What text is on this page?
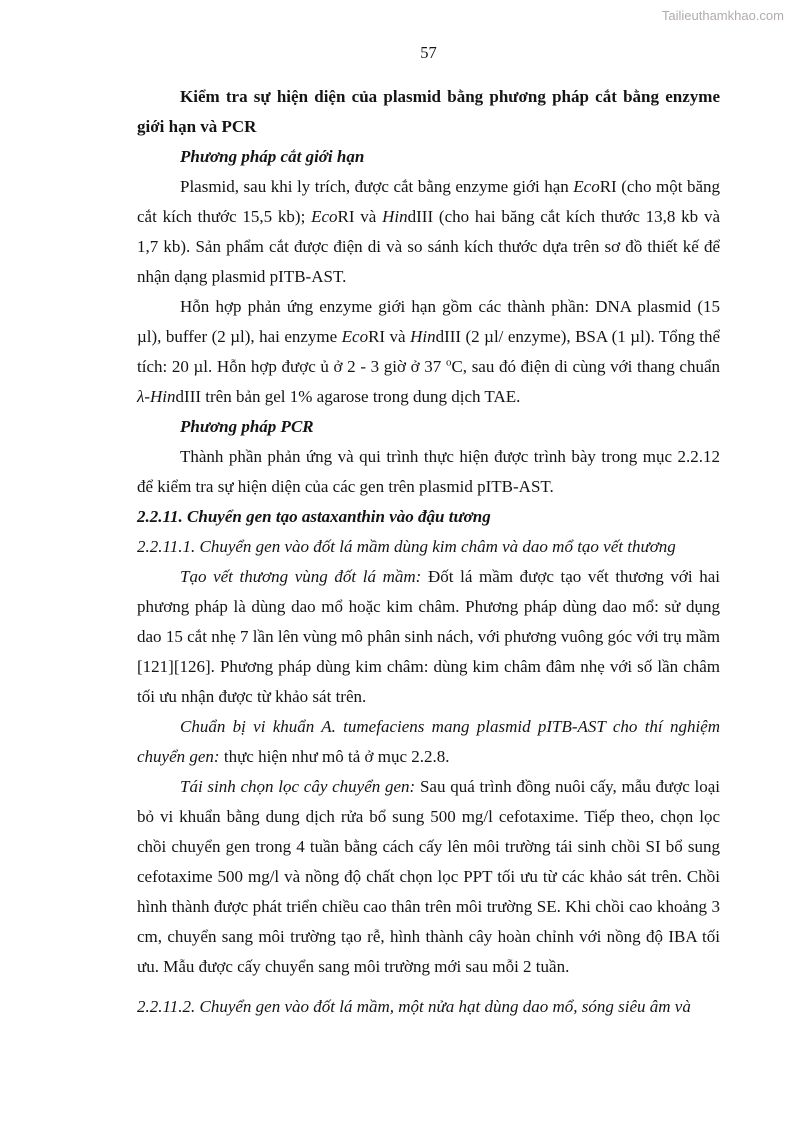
Tailieuthamkhao.com
57

Kiểm tra sự hiện diện của plasmid bằng phương pháp cắt bằng enzyme giới hạn và PCR

Phương pháp cắt giới hạn

Plasmid, sau khi ly trích, được cắt bằng enzyme giới hạn EcoRI (cho một băng cắt kích thước 15,5 kb); EcoRI và HindIII (cho hai băng cắt kích thước 13,8 kb và 1,7 kb). Sản phẩm cắt được điện di và so sánh kích thước dựa trên sơ đồ thiết kế để nhận dạng plasmid pITB-AST.

Hỗn hợp phản ứng enzyme giới hạn gồm các thành phần: DNA plasmid (15 µl), buffer (2 µl), hai enzyme EcoRI và HindIII (2 µl/ enzyme), BSA (1 µl). Tổng thể tích: 20 µl. Hỗn hợp được ủ ở 2 - 3 giờ ở 37 $^o$C, sau đó điện di cùng với thang chuẩn λ-HindIII trên bản gel 1% agarose trong dung dịch TAE.

Phương pháp PCR

Thành phần phản ứng và qui trình thực hiện được trình bày trong mục 2.2.12 để kiểm tra sự hiện diện của các gen trên plasmid pITB-AST.

2.2.11. Chuyển gen tạo astaxanthin vào đậu tương

2.2.11.1. Chuyển gen vào đốt lá mầm dùng kim châm và dao mổ tạo vết thương

Tạo vết thương vùng đốt lá mầm: Đốt lá mầm được tạo vết thương với hai phương pháp là dùng dao mổ hoặc kim châm. Phương pháp dùng dao mổ: sử dụng dao 15 cắt nhẹ 7 lần lên vùng mô phân sinh nách, với phương vuông góc với trụ mầm [121][126]. Phương pháp dùng kim châm: dùng kim châm đâm nhẹ với số lần châm tối ưu nhận được từ khảo sát trên.

Chuẩn bị vi khuẩn A. tumefaciens mang plasmid pITB-AST cho thí nghiệm chuyển gen: thực hiện như mô tả ở mục 2.2.8.

Tái sinh chọn lọc cây chuyển gen: Sau quá trình đồng nuôi cấy, mẫu được loại bỏ vi khuẩn bằng dung dịch rửa bổ sung 500 mg/l cefotaxime. Tiếp theo, chọn lọc chồi chuyển gen trong 4 tuần bằng cách cấy lên môi trường tái sinh chồi SI bổ sung cefotaxime 500 mg/l và nồng độ chất chọn lọc PPT tối ưu từ các khảo sát trên. Chồi hình thành được phát triển chiều cao thân trên môi trường SE. Khi chồi cao khoảng 3 cm, chuyển sang môi trường tạo rễ, hình thành cây hoàn chỉnh với nồng độ IBA tối ưu. Mẫu được cấy chuyển sang môi trường mới sau mỗi 2 tuần.

2.2.11.2. Chuyển gen vào đốt lá mầm, một nửa hạt dùng dao mổ, sóng siêu âm và
